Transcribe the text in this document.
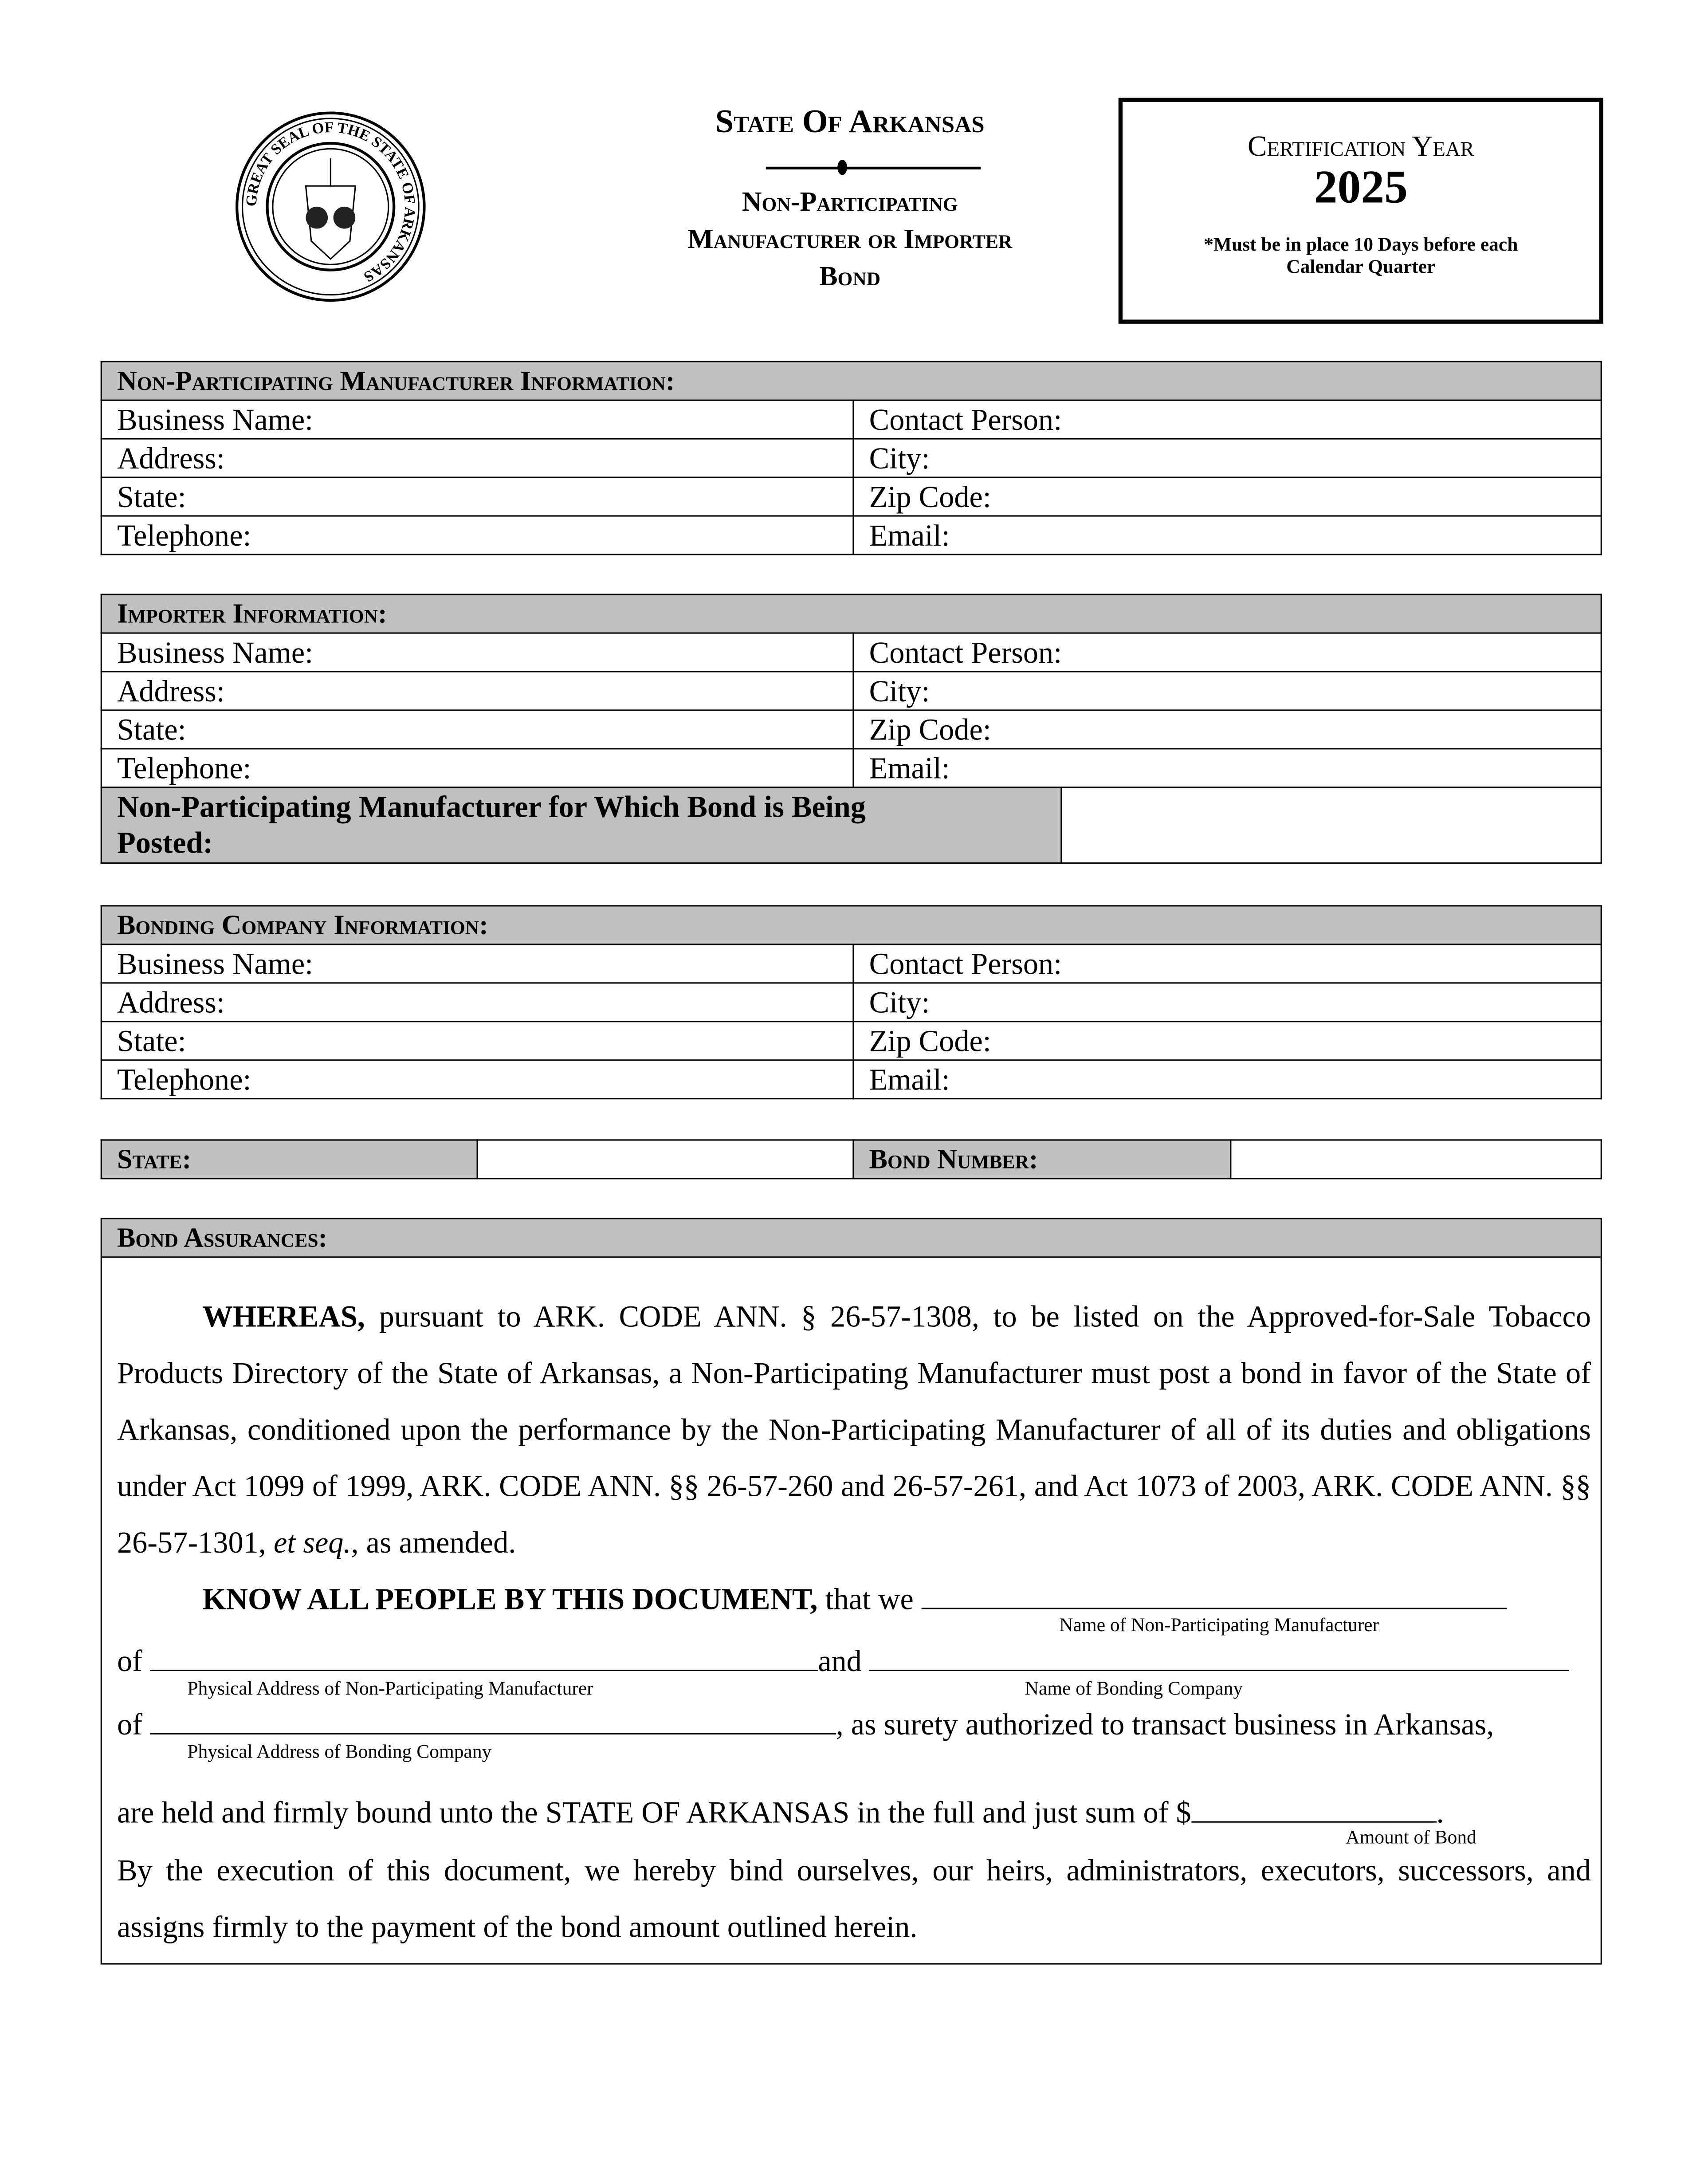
GREAT SEAL OF THE STATE OF ARKANSAS
State Of Arkansas
Non-Participating
Manufacturer or Importer
Bond
Certification Year
2025
*Must be in place 10 Days before each
Calendar Quarter
Non-Participating Manufacturer Information:	
Business Name:	Contact Person:
Address:	City:
State:	Zip Code:
Telephone:	Email:
Importer Information:		
Business Name:	Contact Person:	
Address:	City:	
State:	Zip Code:	
Telephone:	Email:	
Non-Participating Manufacturer for Which Bond is Being Posted:		
Bonding Company Information:	
Business Name:	Contact Person:
Address:	City:
State:	Zip Code:
Telephone:	Email:
State:		Bond Number:	
Bond Assurances:
WHEREAS, pursuant to ARK. CODE ANN. § 26-57-1308, to be listed on the Approved-for-Sale Tobacco Products Directory of the State of Arkansas, a Non-Participating Manufacturer must post a bond in favor of the State of Arkansas, conditioned upon the performance by the Non-Participating Manufacturer of all of its duties and obligations under Act 1099 of 1999, ARK. CODE ANN. §§ 26-57-260 and 26-57-261, and Act 1073 of 2003, ARK. CODE ANN. §§ 26-57-1301, et seq., as amended.
KNOW ALL PEOPLE BY THIS DOCUMENT, that we
Name of Non-Participating Manufacturer
of	and
Physical Address of Non-Participating Manufacturer	Name of Bonding Company
of	, as surety authorized to transact business in Arkansas,
Physical Address of Bonding Company
are held and firmly bound unto the STATE OF ARKANSAS in the full and just sum of $	.
Amount of Bond
By the execution of this document, we hereby bind ourselves, our heirs, administrators, executors, successors, and assigns firmly to the payment of the bond amount outlined herein.
